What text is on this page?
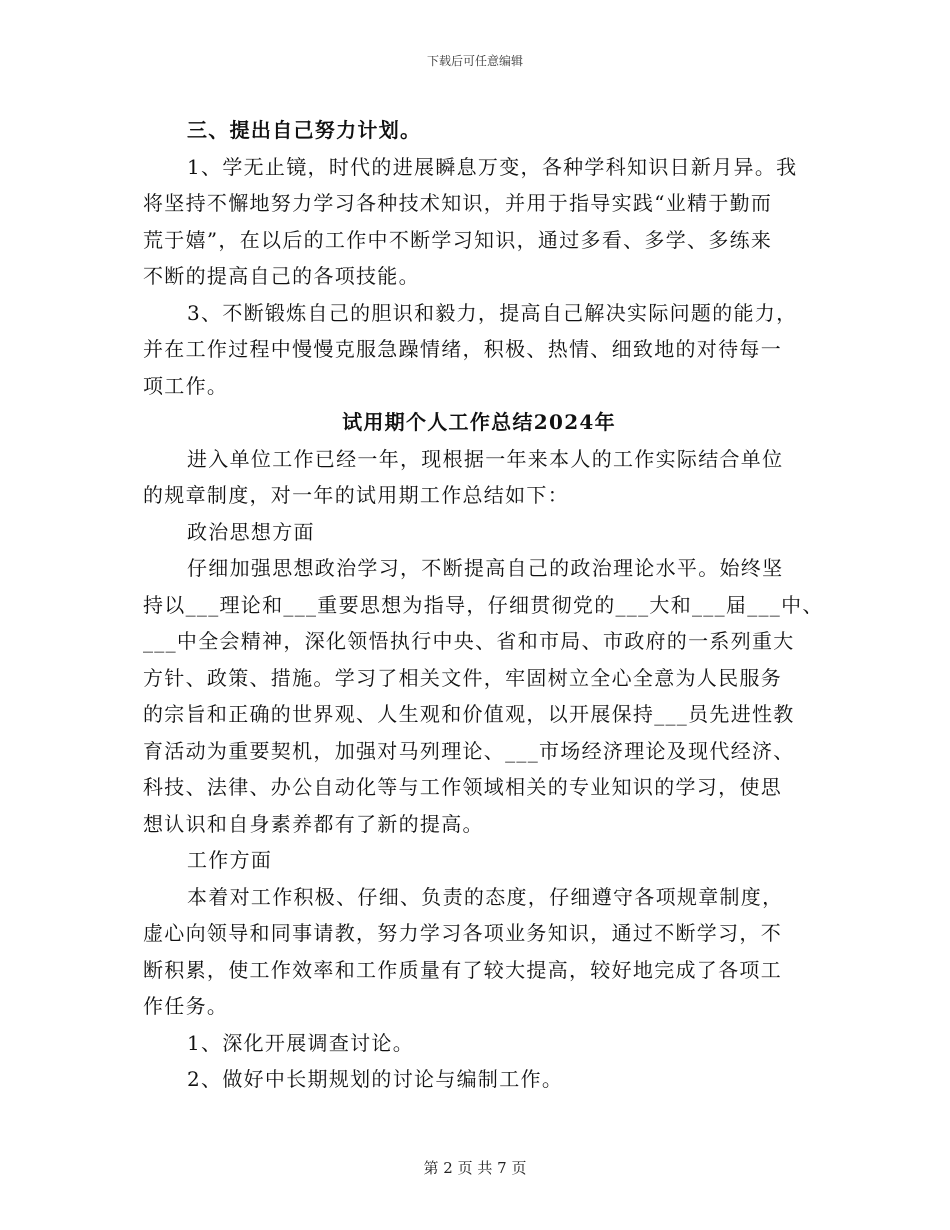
下载后可任意编辑
三、提出自己努力计划。
1、学无止镜，时代的进展瞬息万变，各种学科知识日新月异。我
将坚持不懈地努力学习各种技术知识，并用于指导实践“业精于勤而
荒于嬉”，在以后的工作中不断学习知识，通过多看、多学、多练来
不断的提高自己的各项技能。
3、不断锻炼自己的胆识和毅力，提高自己解决实际问题的能力，
并在工作过程中慢慢克服急躁情绪，积极、热情、细致地的对待每一
项工作。
试用期个人工作总结2024年
进入单位工作已经一年，现根据一年来本人的工作实际结合单位
的规章制度，对一年的试用期工作总结如下：
政治思想方面
仔细加强思想政治学习，不断提高自己的政治理论水平。始终坚
持以___理论和___重要思想为指导，仔细贯彻党的___大和___届___中、
___中全会精神，深化领悟执行中央、省和市局、市政府的一系列重大
方针、政策、措施。学习了相关文件，牢固树立全心全意为人民服务
的宗旨和正确的世界观、人生观和价值观，以开展保持___员先进性教
育活动为重要契机，加强对马列理论、___市场经济理论及现代经济、
科技、法律、办公自动化等与工作领域相关的专业知识的学习，使思
想认识和自身素养都有了新的提高。
工作方面
本着对工作积极、仔细、负责的态度，仔细遵守各项规章制度，
虚心向领导和同事请教，努力学习各项业务知识，通过不断学习，不
断积累，使工作效率和工作质量有了较大提高，较好地完成了各项工
作任务。
1、深化开展调查讨论。
2、做好中长期规划的讨论与编制工作。
第 2 页 共 7 页
